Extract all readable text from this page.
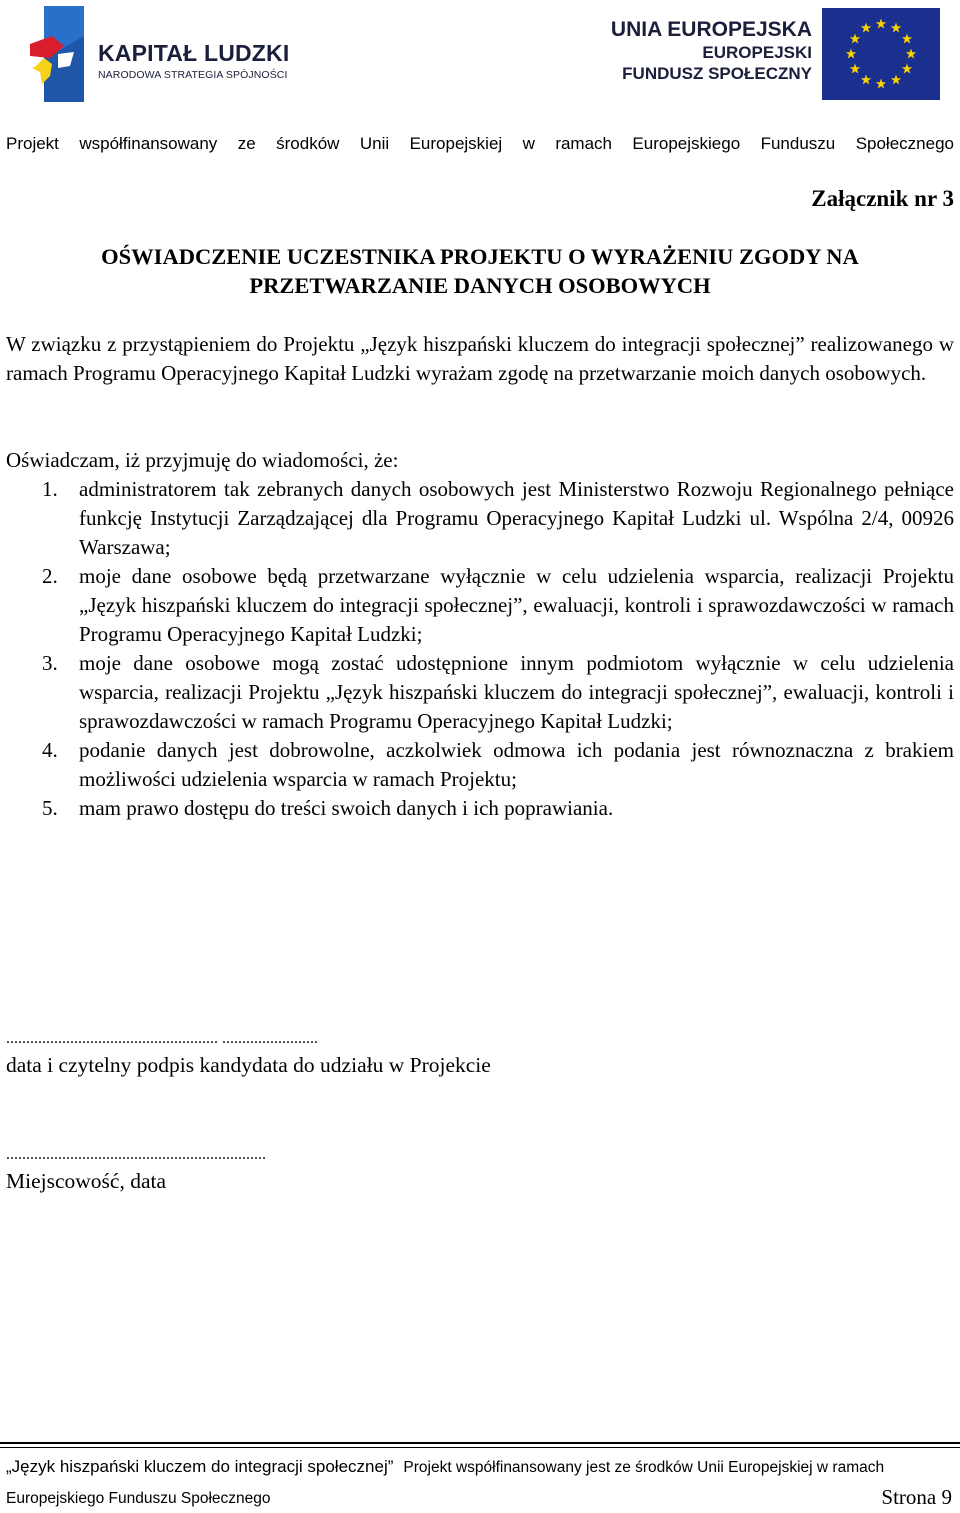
KAPITAŁ LUDZKI
NARODOWA STRATEGIA SPÓJNOŚCI
UNIA EUROPEJSKA
EUROPEJSKI
FUNDUSZ SPOŁECZNY
Projekt współfinansowany ze środków Unii Europejskiej w ramach Europejskiego Funduszu Społecznego
Załącznik nr 3
OŚWIADCZENIE UCZESTNIKA PROJEKTU O WYRAŻENIU ZGODY NA
PRZETWARZANIE DANYCH OSOBOWYCH
W związku z przystąpieniem do Projektu „Język hiszpański kluczem do integracji społecznej” realizowanego w ramach Programu Operacyjnego Kapitał Ludzki wyrażam zgodę na przetwarzanie moich danych osobowych.
Oświadczam, iż przyjmuję do wiadomości, że:
1. administratorem tak zebranych danych osobowych jest Ministerstwo Rozwoju Regionalnego pełniące funkcję Instytucji Zarządzającej dla Programu Operacyjnego Kapitał Ludzki ul. Wspólna 2/4, 00926 Warszawa;
2. moje dane osobowe będą przetwarzane wyłącznie w celu udzielenia wsparcia, realizacji Projektu „Język hiszpański kluczem do integracji społecznej”, ewaluacji, kontroli i sprawozdawczości w ramach Programu Operacyjnego Kapitał Ludzki;
3. moje dane osobowe mogą zostać udostępnione innym podmiotom wyłącznie w celu udzielenia wsparcia, realizacji Projektu „Język hiszpański kluczem do integracji społecznej”, ewaluacji, kontroli i sprawozdawczości w ramach Programu Operacyjnego Kapitał Ludzki;
4. podanie danych jest dobrowolne, aczkolwiek odmowa ich podania jest równoznaczna z brakiem możliwości udzielenia wsparcia w ramach Projektu;
5. mam prawo dostępu do treści swoich danych i ich poprawiania.
..................................................... ........................
data i czytelny podpis kandydata do udziału w Projekcie
.................................................................
Miejscowość, data
„Język hiszpański kluczem do integracji społecznej” Projekt współfinansowany jest ze środków Unii Europejskiej w ramach
Europejskiego Funduszu Społecznego	Strona 9
